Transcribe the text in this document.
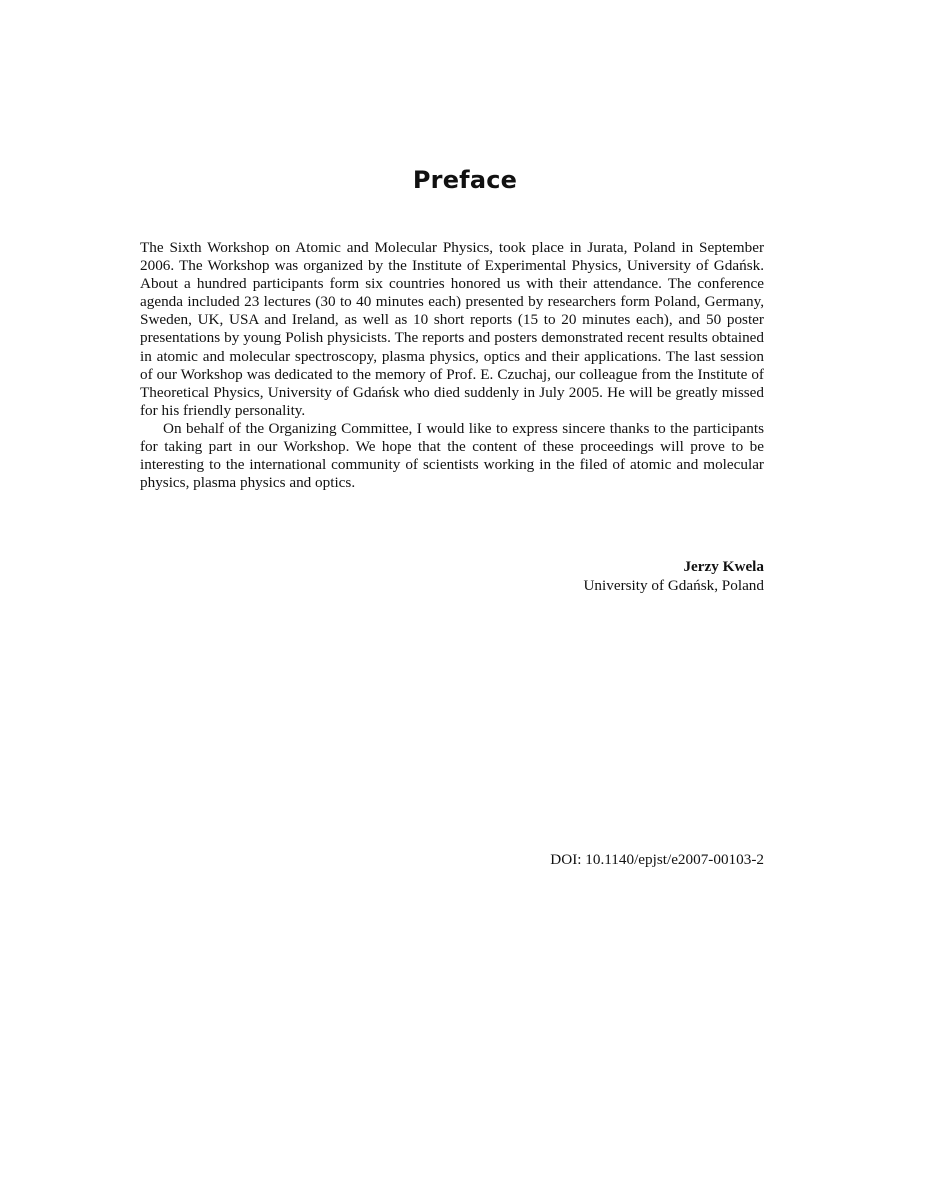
Preface

The Sixth Workshop on Atomic and Molecular Physics, took place in Jurata, Poland in September 2006. The Workshop was organized by the Institute of Experimental Physics, University of Gdańsk. About a hundred participants form six countries honored us with their attendance. The conference agenda included 23 lectures (30 to 40 minutes each) presented by researchers form Poland, Germany, Sweden, UK, USA and Ireland, as well as 10 short reports (15 to 20 minutes each), and 50 poster presentations by young Polish physicists. The reports and posters demonstrated recent results obtained in atomic and molecular spectroscopy, plasma physics, optics and their applications. The last session of our Workshop was dedicated to the memory of Prof. E. Czuchaj, our colleague from the Institute of Theoretical Physics, University of Gdańsk who died suddenly in July 2005. He will be greatly missed for his friendly personality.

On behalf of the Organizing Committee, I would like to express sincere thanks to the participants for taking part in our Workshop. We hope that the content of these proceedings will prove to be interesting to the international community of scientists working in the filed of atomic and molecular physics, plasma physics and optics.

Jerzy Kwela
University of Gdańsk, Poland
DOI: 10.1140/epjst/e2007-00103-2
